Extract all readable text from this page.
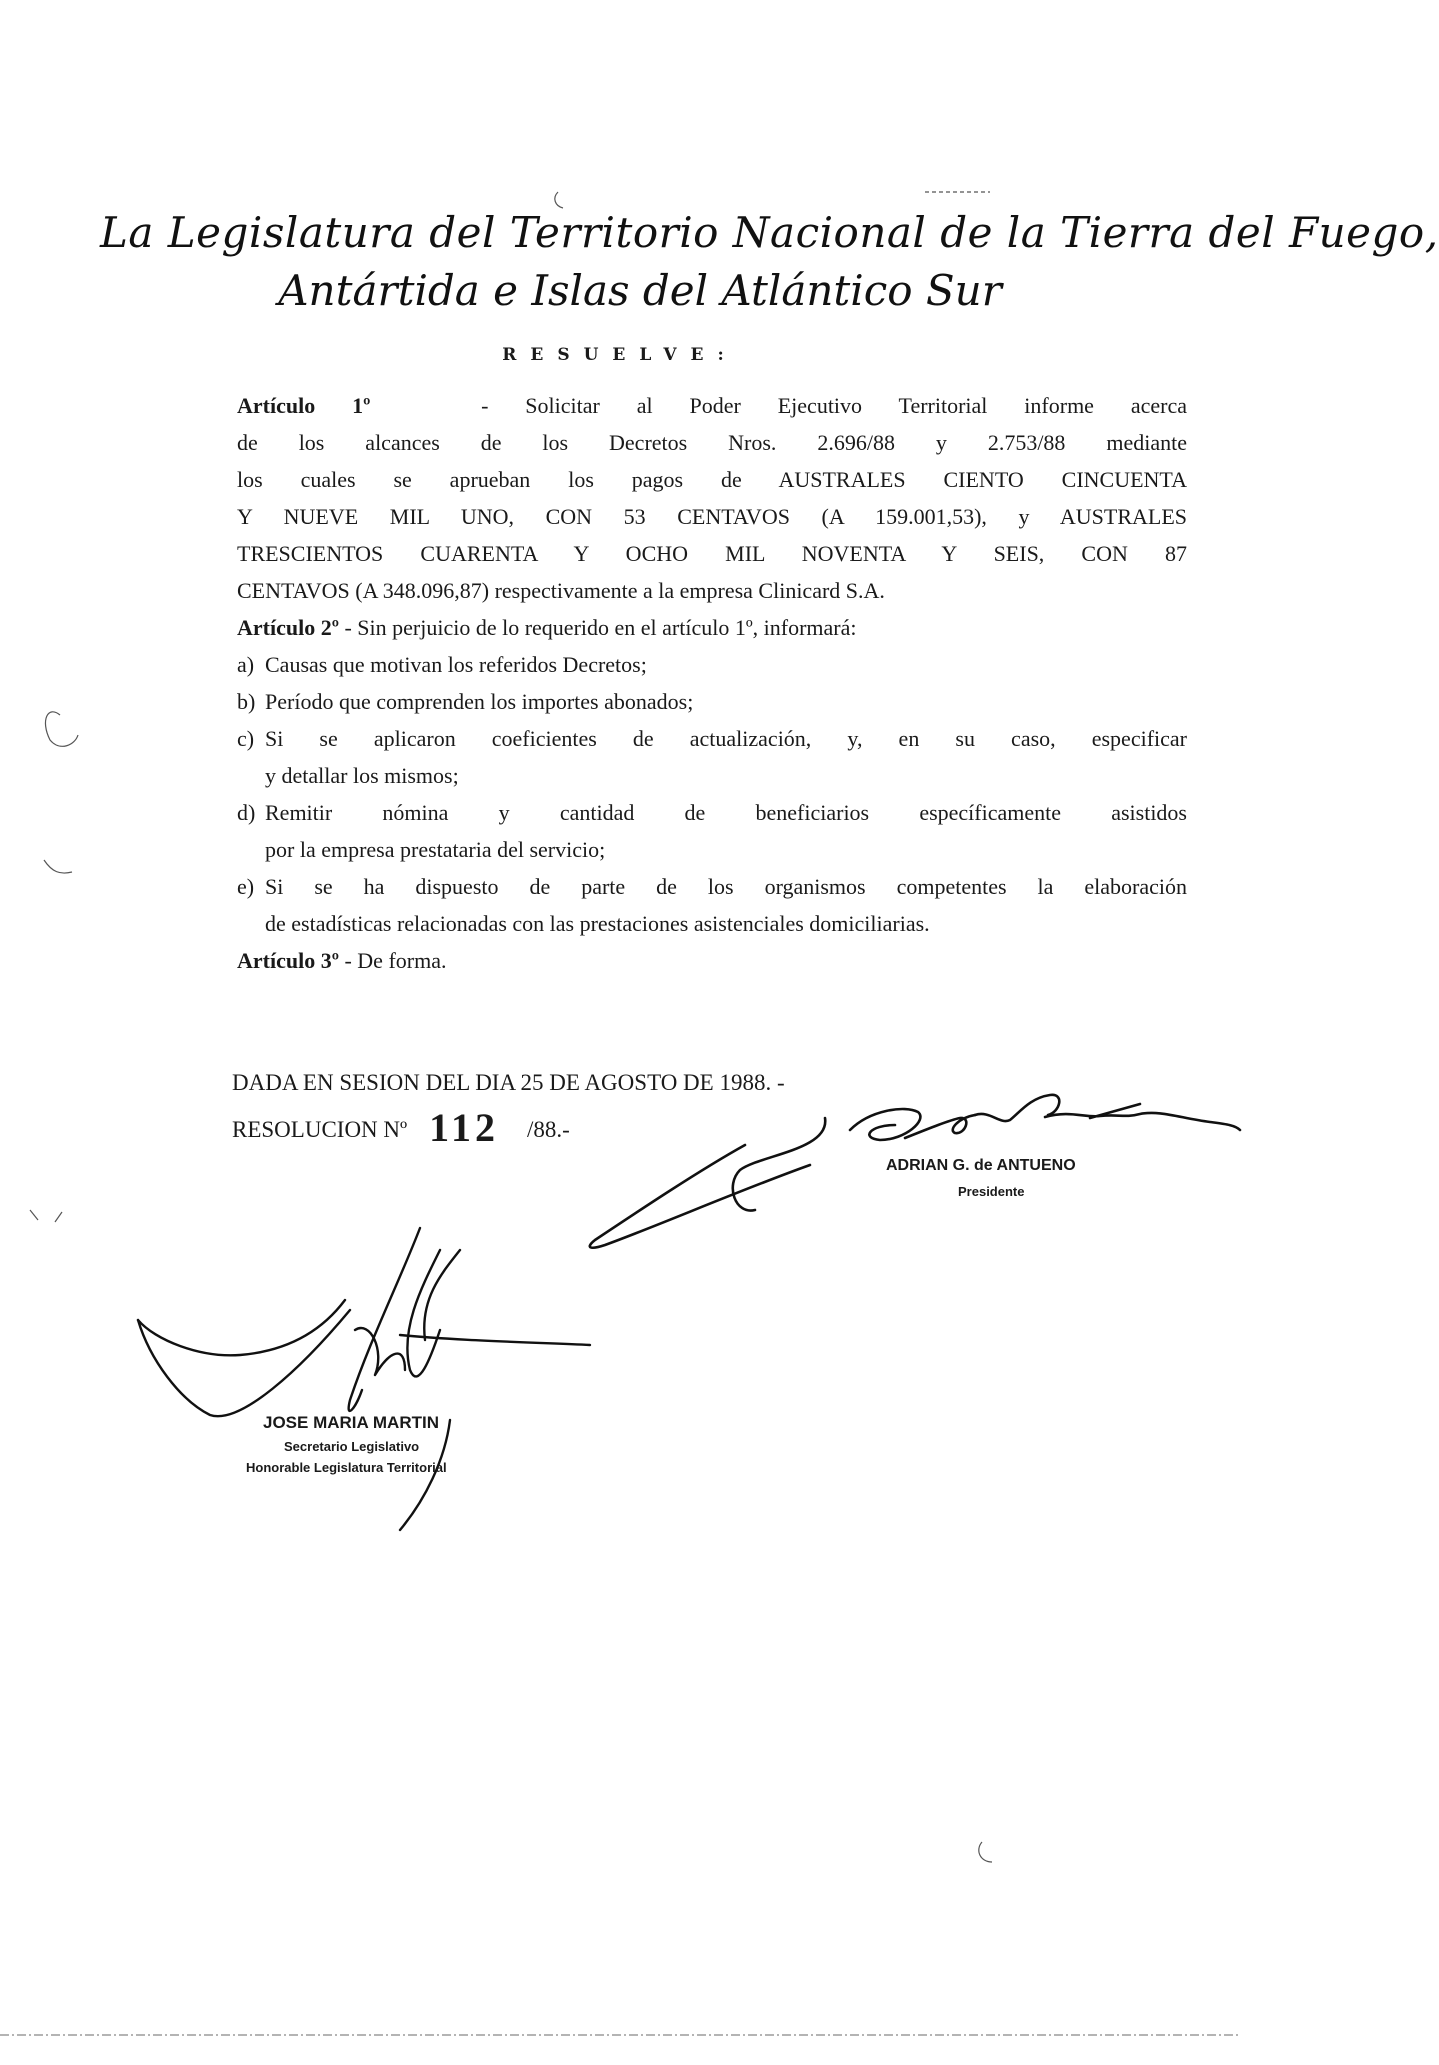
La Legislatura del Territorio Nacional de la Tierra del Fuego,
Antártida e Islas del Atlántico Sur
RESUELVE:
Artículo 1º	- Solicitar al Poder Ejecutivo Territorial informe acerca
de los alcances de los Decretos Nros. 2.696/88 y 2.753/88 mediante
los cuales se aprueban los pagos de AUSTRALES CIENTO CINCUENTA
Y NUEVE MIL UNO, CON 53 CENTAVOS (A 159.001,53), y AUSTRALES
TRESCIENTOS CUARENTA Y OCHO MIL NOVENTA Y SEIS, CON 87
CENTAVOS (A 348.096,87) respectivamente a la empresa Clinicard S.A.
Artículo 2º - Sin perjuicio de lo requerido en el artículo 1º, informará:
a) Causas que motivan los referidos Decretos;
b) Período que comprenden los importes abonados;
c) Si se aplicaron coeficientes de actualización, y, en su caso, especificar
y detallar los mismos;
d) Remitir nómina y cantidad de beneficiarios específicamente asistidos
por la empresa prestataria del servicio;
e) Si se ha dispuesto de parte de los organismos competentes la elaboración
de estadísticas relacionadas con las prestaciones asistenciales domiciliarias.
Artículo 3º - De forma.
DADA EN SESION DEL DIA 25 DE AGOSTO DE 1988. -
RESOLUCION Nº 112 /88.-
ADRIAN G. de ANTUENO
Presidente
JOSE MARIA MARTIN
Secretario Legislativo
Honorable Legislatura Territorial
